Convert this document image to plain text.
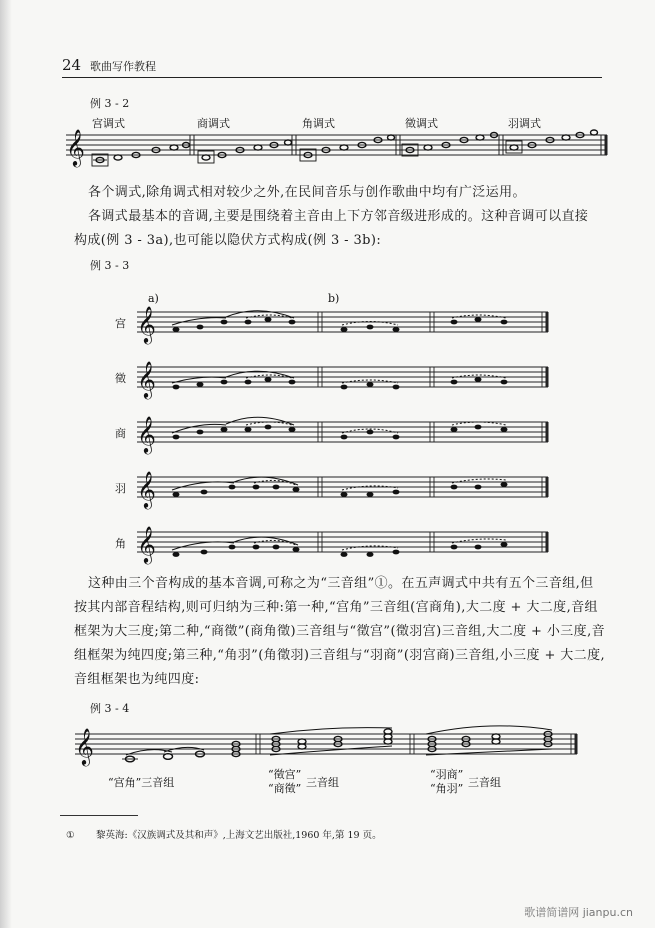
24 歌曲写作教程
例 3 - 2
𝄞
宫调式	商调式	角调式	徵调式	羽调式
各个调式,除角调式相对较少之外,在民间音乐与创作歌曲中均有广泛运用。
各调式最基本的音调,主要是围绕着主音由上下方邻音级进形成的。这种音调可以直接
构成(例 3 - 3a),也可能以隐伏方式构成(例 3 - 3b):
例 3 - 3
a)	b)
宫 𝄞
徵 𝄞
商 𝄞
羽 𝄞
角 𝄞
这种由三个音构成的基本音调,可称之为“三音组”①。在五声调式中共有五个三音组,但
按其内部音程结构,则可归纳为三种:第一种,“宫角”三音组(宫商角),大二度 + 大二度,音组
框架为大三度;第二种,“商徵”(商角徵)三音组与“徵宫”(徵羽宫)三音组,大二度 + 小三度,音
组框架为纯四度;第三种,“角羽”(角徵羽)三音组与“羽商”(羽宫商)三音组,小三度 + 大二度,
音组框架也为纯四度:
例 3 - 4
𝄞
“宫角”三音组
“徵宫”
“商徵” 三音组
“羽商”
“角羽” 三音组
① 黎英海:《汉族调式及其和声》,上海文艺出版社,1960 年,第 19 页。
歌谱简谱网 jianpu.cn
